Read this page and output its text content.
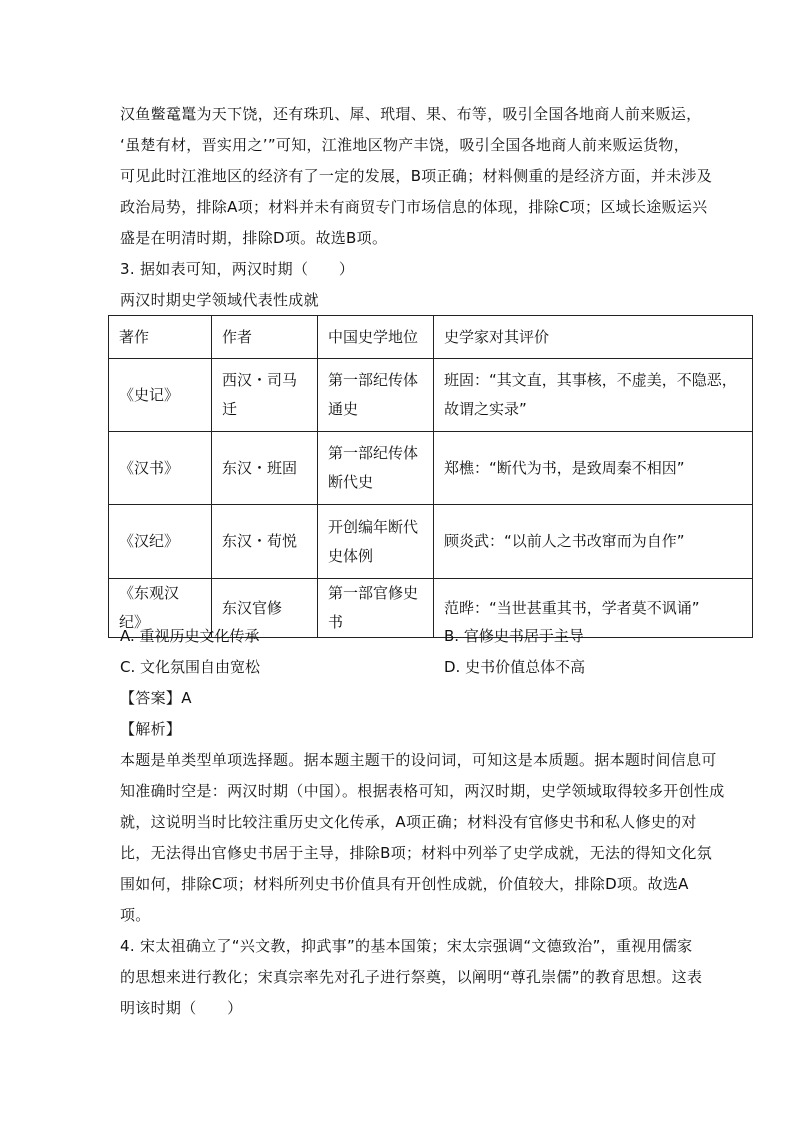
汉鱼鳖鼋鼍为天下饶，还有珠玑、犀、玳瑁、果、布等，吸引全国各地商人前来贩运，
‘虽楚有材，晋实用之’”可知，江淮地区物产丰饶，吸引全国各地商人前来贩运货物，
可见此时江淮地区的经济有了一定的发展，B项正确；材料侧重的是经济方面，并未涉及
政治局势，排除A项；材料并未有商贸专门市场信息的体现，排除C项；区域长途贩运兴
盛是在明清时期，排除D项。故选B项。
3. 据如表可知，两汉时期（　　）
两汉时期史学领域代表性成就
著作	作者	中国史学地位	史学家对其评价
《史记》	西汉・司马迁	第一部纪传体通史	班固：“其文直，其事核，不虚美，不隐恶，故谓之实录”
《汉书》	东汉・班固	第一部纪传体断代史	郑樵：“断代为书，是致周秦不相因”
《汉纪》	东汉・荀悦	开创编年断代史体例	顾炎武：“以前人之书改窜而为自作”
《东观汉纪》	东汉官修	第一部官修史书	范晔：“当世甚重其书，学者莫不讽诵”
A. 重视历史文化传承	B. 官修史书居于主导
C. 文化氛围自由宽松	D. 史书价值总体不高
【答案】A
【解析】
本题是单类型单项选择题。据本题主题干的设问词，可知这是本质题。据本题时间信息可
知准确时空是：两汉时期（中国）。根据表格可知，两汉时期，史学领域取得较多开创性成
就，这说明当时比较注重历史文化传承，A项正确；材料没有官修史书和私人修史的对
比，无法得出官修史书居于主导，排除B项；材料中列举了史学成就，无法的得知文化氛
围如何，排除C项；材料所列史书价值具有开创性成就，价值较大，排除D项。故选A
项。
4. 宋太祖确立了“兴文教，抑武事”的基本国策；宋太宗强调“文德致治”，重视用儒家
的思想来进行教化；宋真宗率先对孔子进行祭奠，以阐明“尊孔崇儒”的教育思想。这表
明该时期（　　）
